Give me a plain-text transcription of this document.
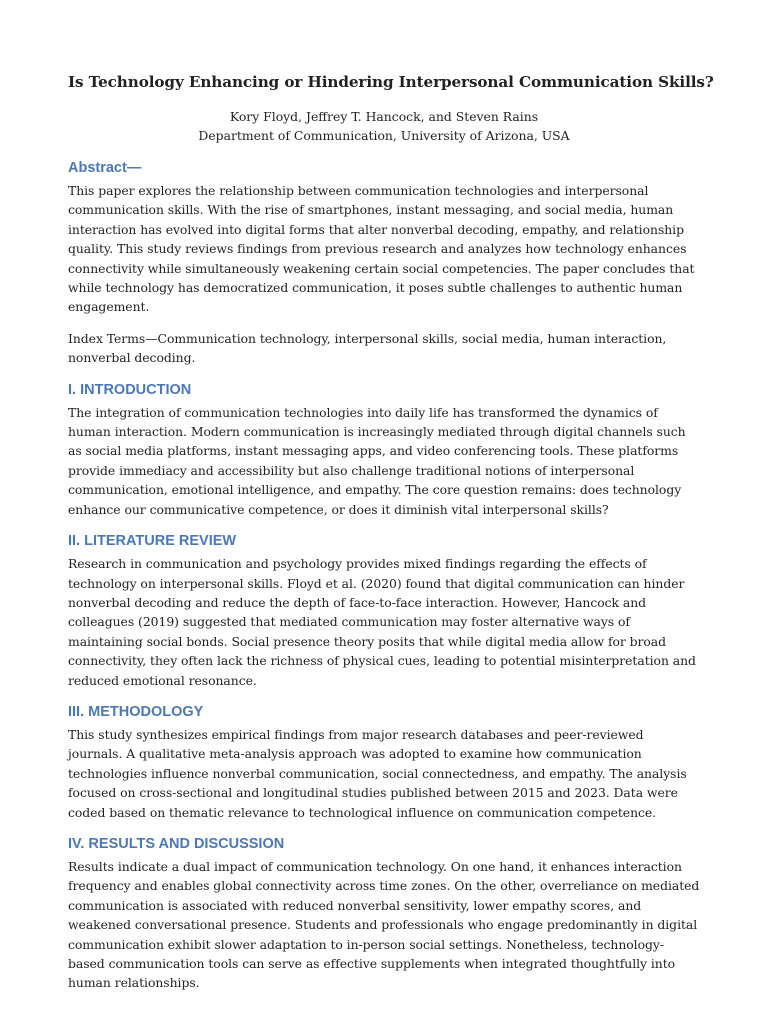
Is Technology Enhancing or Hindering Interpersonal Communication Skills?
Kory Floyd, Jeffrey T. Hancock, and Steven Rains
Department of Communication, University of Arizona, USA
Abstract—

This paper explores the relationship between communication technologies and interpersonal communication skills. With the rise of smartphones, instant messaging, and social media, human interaction has evolved into digital forms that alter nonverbal decoding, empathy, and relationship quality. This study reviews findings from previous research and analyzes how technology enhances connectivity while simultaneously weakening certain social competencies. The paper concludes that while technology has democratized communication, it poses subtle challenges to authentic human engagement.

Index Terms—Communication technology, interpersonal skills, social media, human interaction, nonverbal decoding.

I. INTRODUCTION

The integration of communication technologies into daily life has transformed the dynamics of human interaction. Modern communication is increasingly mediated through digital channels such as social media platforms, instant messaging apps, and video conferencing tools. These platforms provide immediacy and accessibility but also challenge traditional notions of interpersonal communication, emotional intelligence, and empathy. The core question remains: does technology enhance our communicative competence, or does it diminish vital interpersonal skills?

II. LITERATURE REVIEW

Research in communication and psychology provides mixed findings regarding the effects of technology on interpersonal skills. Floyd et al. (2020) found that digital communication can hinder nonverbal decoding and reduce the depth of face-to-face interaction. However, Hancock and colleagues (2019) suggested that mediated communication may foster alternative ways of maintaining social bonds. Social presence theory posits that while digital media allow for broad connectivity, they often lack the richness of physical cues, leading to potential misinterpretation and reduced emotional resonance.

III. METHODOLOGY

This study synthesizes empirical findings from major research databases and peer-reviewed journals. A qualitative meta-analysis approach was adopted to examine how communication technologies influence nonverbal communication, social connectedness, and empathy. The analysis focused on cross-sectional and longitudinal studies published between 2015 and 2023. Data were coded based on thematic relevance to technological influence on communication competence.

IV. RESULTS AND DISCUSSION

Results indicate a dual impact of communication technology. On one hand, it enhances interaction frequency and enables global connectivity across time zones. On the other, overreliance on mediated communication is associated with reduced nonverbal sensitivity, lower empathy scores, and weakened conversational presence. Students and professionals who engage predominantly in digital communication exhibit slower adaptation to in-person social settings. Nonetheless, technology-based communication tools can serve as effective supplements when integrated thoughtfully into human relationships.
